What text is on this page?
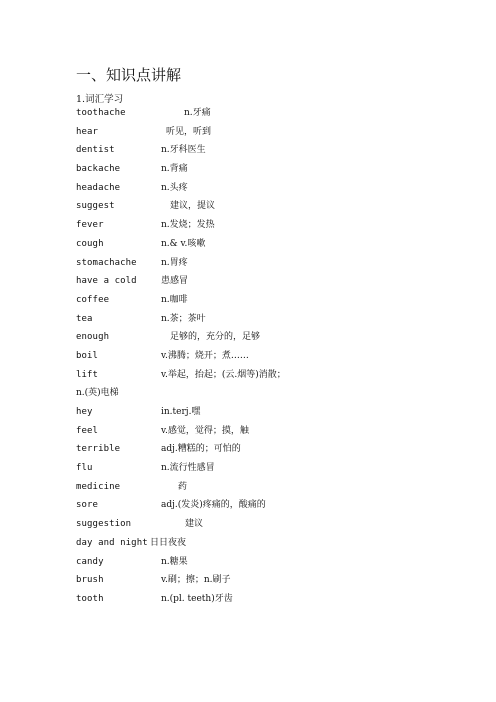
一、知识点讲解
1.词汇学习
toothache	n.牙痛
hear	听见，听到
dentist	n.牙科医生
backache	n.背痛
headache	n.头疼
suggest	建议，提议
fever	n.发烧；发热
cough	n.& v.咳嗽
stomachache	n.胃疼
have a cold	患感冒
coffee	n.咖啡
tea	n.茶；茶叶
enough	足够的，充分的，足够
boil	v.沸腾；烧开；煮……
lift	v.举起，抬起；(云.烟等)消散；
n.(英)电梯
hey	in.terj.嘿
feel	v.感觉，觉得；摸，触
terrible	adj.糟糕的；可怕的
flu	n.流行性感冒
medicine	药
sore	adj.(发炎)疼痛的，酸痛的
suggestion	建议
day and night 日日夜夜
candy	n.糖果
brush	v.刷；擦；n.刷子
tooth	n.(pl. teeth)牙齿
